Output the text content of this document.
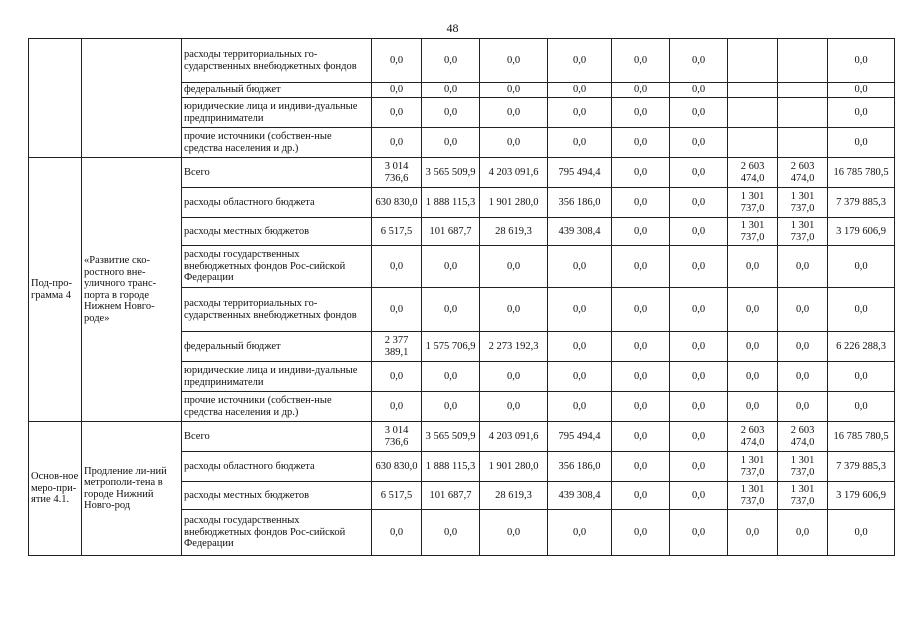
48
		расходы территориальных го-сударственных внебюджетных фондов	0,0	0,0	0,0	0,0	0,0	0,0			0,0
		федеральный бюджет	0,0	0,0	0,0	0,0	0,0	0,0			0,0
		юридические лица и индиви-дуальные предприниматели	0,0	0,0	0,0	0,0	0,0	0,0			0,0
		прочие источники (собствен-ные средства населения и др.)	0,0	0,0	0,0	0,0	0,0	0,0			0,0
Под-про-грамма 4	«Развитие ско-ростного вне-уличного транс-порта в городе Нижнем Новго-роде»	Всего	3 014 736,6	3 565 509,9	4 203 091,6	795 494,4	0,0	0,0	2 603 474,0	2 603 474,0	16 785 780,5
		расходы областного бюджета	630 830,0	1 888 115,3	1 901 280,0	356 186,0	0,0	0,0	1 301 737,0	1 301 737,0	7 379 885,3
		расходы местных бюджетов	6 517,5	101 687,7	28 619,3	439 308,4	0,0	0,0	1 301 737,0	1 301 737,0	3 179 606,9
		расходы государственных внебюджетных фондов Рос-сийской Федерации	0,0	0,0	0,0	0,0	0,0	0,0	0,0	0,0	0,0
		расходы территориальных го-сударственных внебюджетных фондов	0,0	0,0	0,0	0,0	0,0	0,0	0,0	0,0	0,0
		федеральный бюджет	2 377 389,1	1 575 706,9	2 273 192,3	0,0	0,0	0,0	0,0	0,0	6 226 288,3
		юридические лица и индиви-дуальные предприниматели	0,0	0,0	0,0	0,0	0,0	0,0	0,0	0,0	0,0
		прочие источники (собствен-ные средства населения и др.)	0,0	0,0	0,0	0,0	0,0	0,0	0,0	0,0	0,0
Основ-ное меро-при-ятие 4.1.	Продление ли-ний метрополи-тена в городе Нижний Новго-род	Всего	3 014 736,6	3 565 509,9	4 203 091,6	795 494,4	0,0	0,0	2 603 474,0	2 603 474,0	16 785 780,5
		расходы областного бюджета	630 830,0	1 888 115,3	1 901 280,0	356 186,0	0,0	0,0	1 301 737,0	1 301 737,0	7 379 885,3
		расходы местных бюджетов	6 517,5	101 687,7	28 619,3	439 308,4	0,0	0,0	1 301 737,0	1 301 737,0	3 179 606,9
		расходы государственных внебюджетных фондов Рос-сийской Федерации	0,0	0,0	0,0	0,0	0,0	0,0	0,0	0,0	0,0
